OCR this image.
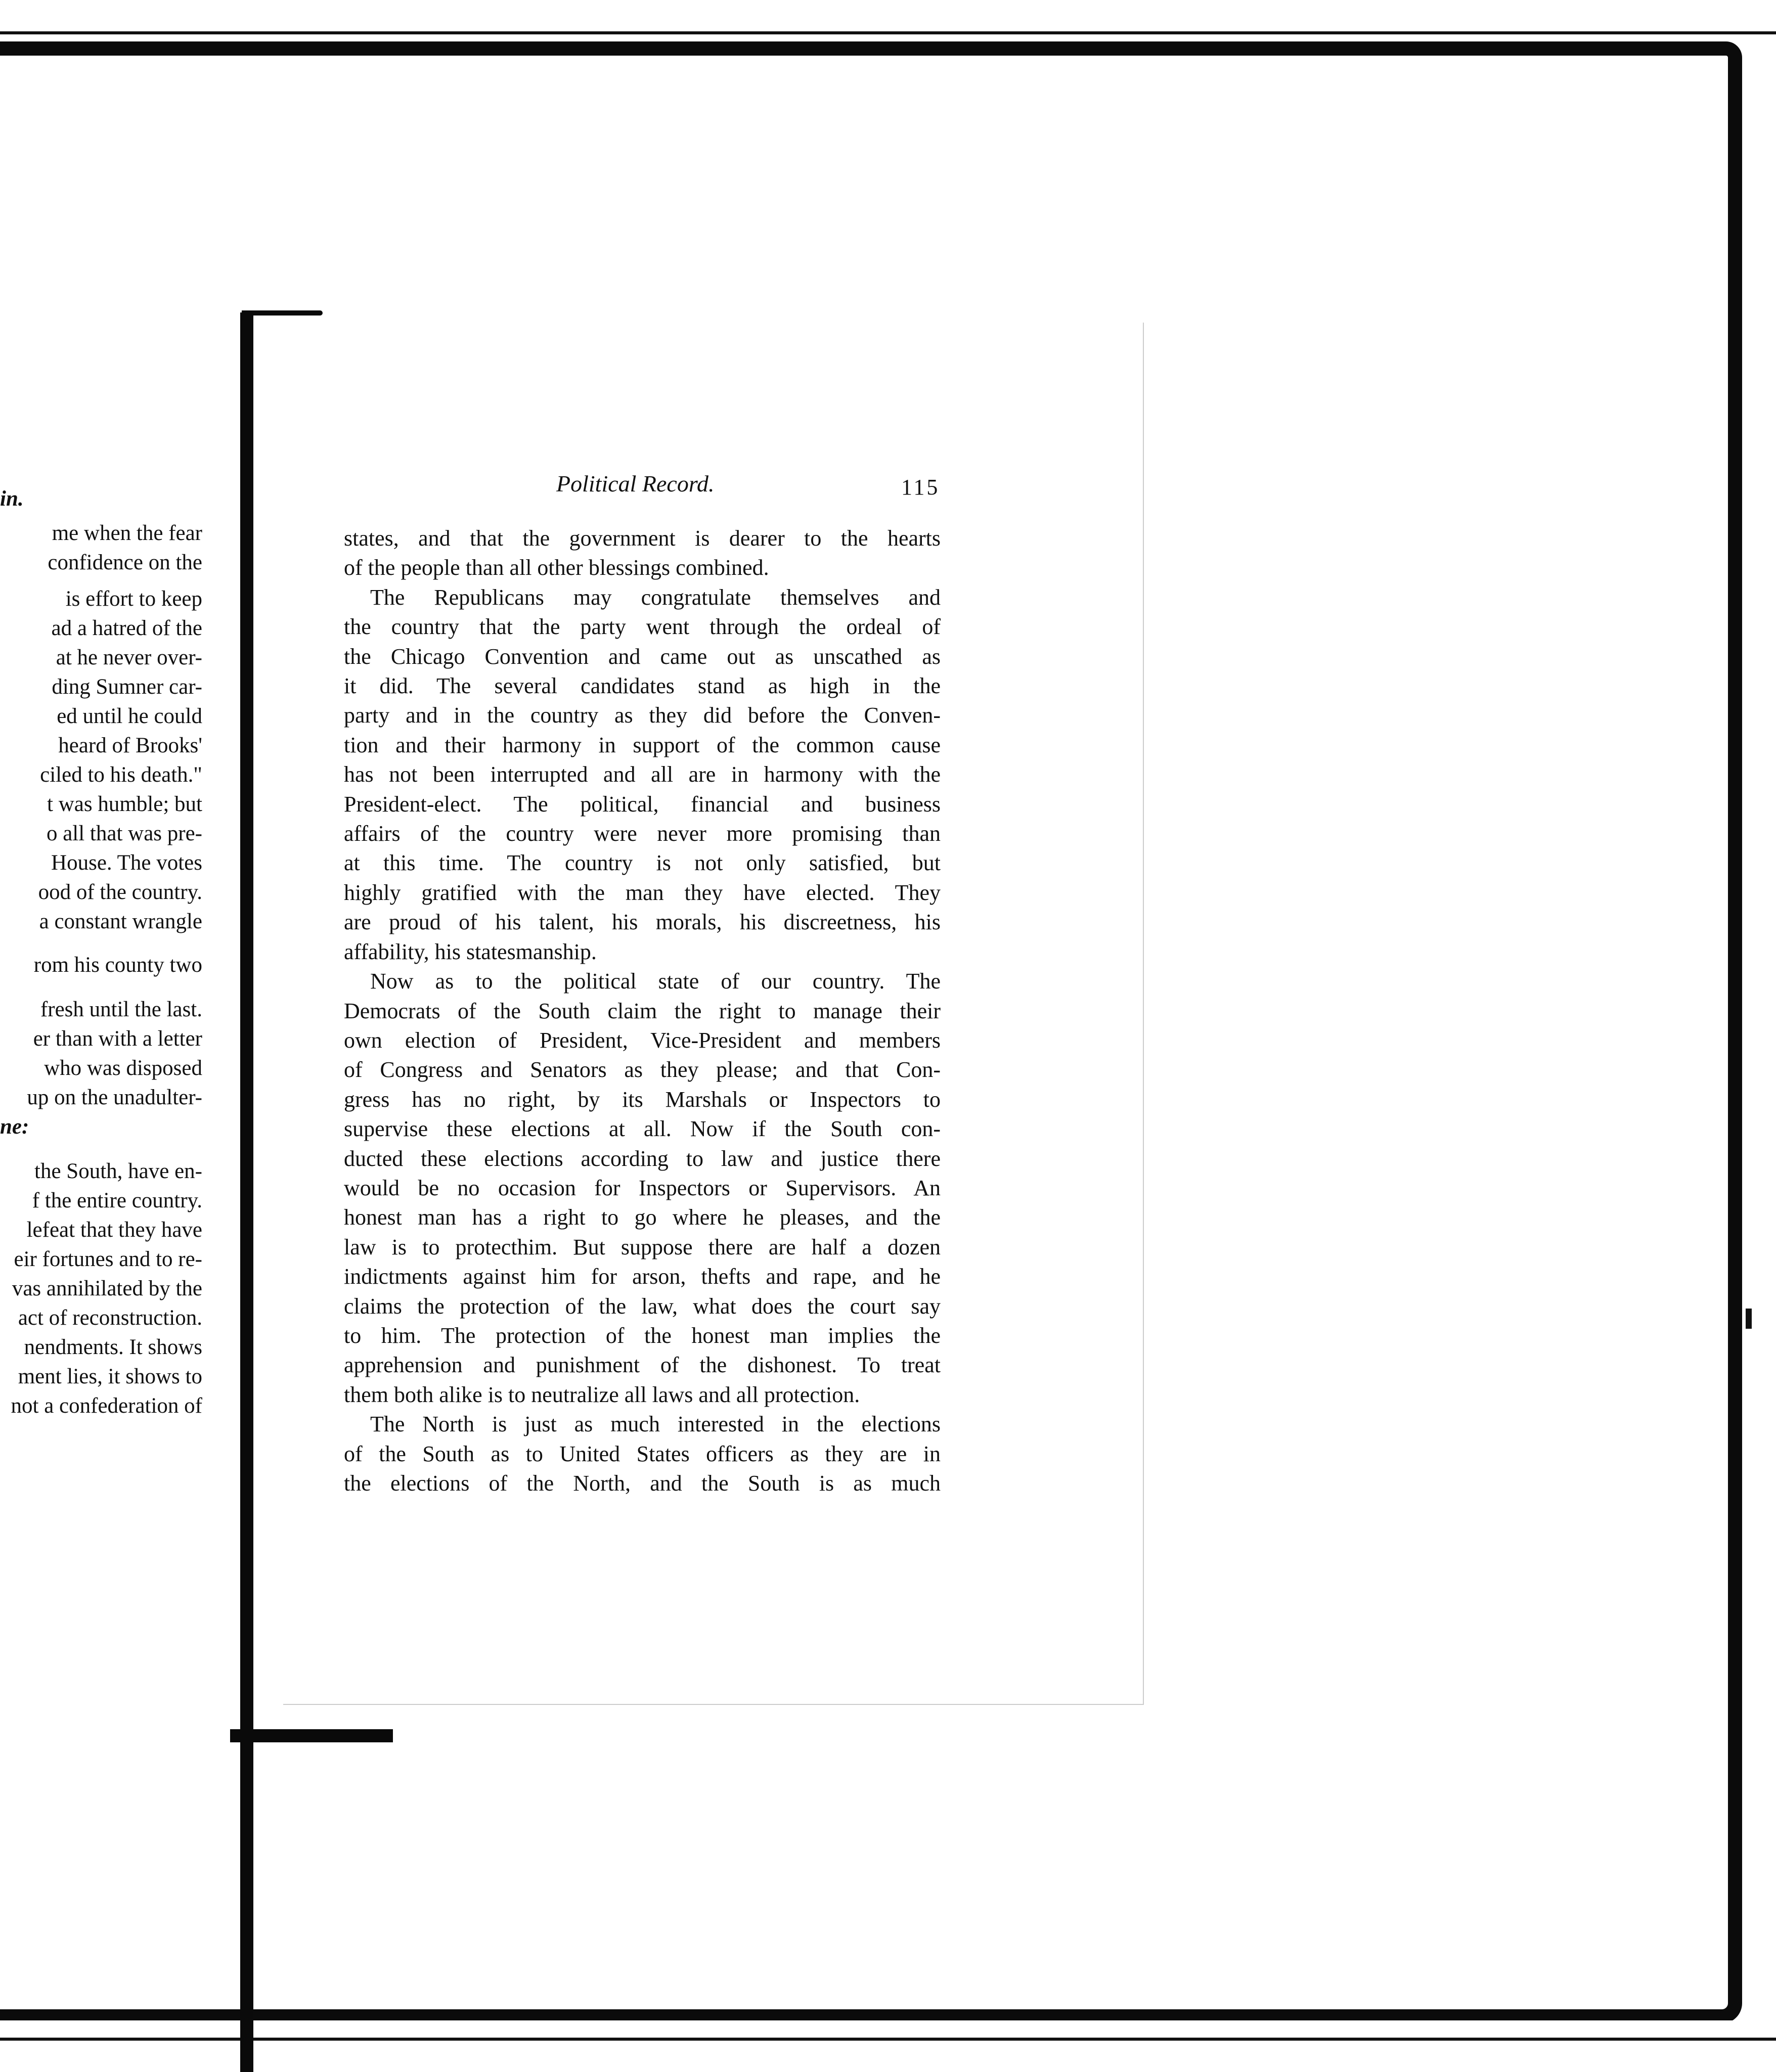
in.
me when the fear
confidence on the
is effort to keep
ad a hatred of the
at he never over-
ding Sumner car-
ed until he could
heard of Brooks'
ciled to his death."
t was humble; but
o all that was pre-
House. The votes
ood of the country.
a constant wrangle
rom his county two
fresh until the last.
er than with a letter
who was disposed
up on the unadulter-
ne:
the South, have en-
f the entire country.
lefeat that they have
eir fortunes and to re-
vas annihilated by the
act of reconstruction.
nendments. It shows
ment lies, it shows to
not a confederation of
Political Record.	115
states, and that the government is dearer to the hearts
of the people than all other blessings combined.
The Republicans may congratulate themselves and
the country that the party went through the ordeal of
the Chicago Convention and came out as unscathed as
it did. The several candidates stand as high in the
party and in the country as they did before the Conven-
tion and their harmony in support of the common cause
has not been interrupted and all are in harmony with the
President-elect. The political, financial and business
affairs of the country were never more promising than
at this time. The country is not only satisfied, but
highly gratified with the man they have elected. They
are proud of his talent, his morals, his discreetness, his
affability, his statesmanship.
Now as to the political state of our country. The
Democrats of the South claim the right to manage their
own election of President, Vice-President and members
of Congress and Senators as they please; and that Con-
gress has no right, by its Marshals or Inspectors to
supervise these elections at all. Now if the South con-
ducted these elections according to law and justice there
would be no occasion for Inspectors or Supervisors. An
honest man has a right to go where he pleases, and the
law is to protecthim. But suppose there are half a dozen
indictments against him for arson, thefts and rape, and he
claims the protection of the law, what does the court say
to him. The protection of the honest man implies the
apprehension and punishment of the dishonest. To treat
them both alike is to neutralize all laws and all protection.
The North is just as much interested in the elections
of the South as to United States officers as they are in
the elections of the North, and the South is as much
